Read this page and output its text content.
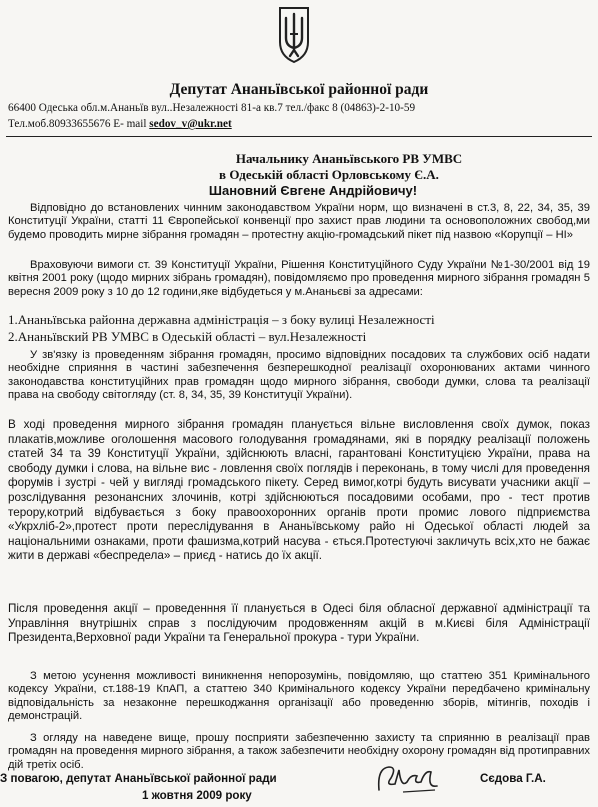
Депутат Ананьївської районної ради
66400 Одеська обл.м.Ананьїв вул..Незалежності 81-а кв.7 тел./факс 8 (04863)-2-10-59
Тел.моб.80933655676 E- mail sedov_v@ukr.net
Начальнику Ананьївського РВ УМВС
в Одеській області Орловському Є.А.
Шановний Євгене Андрійовичу!

Відповідно до встановлених чинним законодавством України норм, що визначені в ст.3, 8, 22, 34, 35, 39 Конституції України, статті 11 Європейської конвенції про захист прав людини та основоположних свобод,ми будемо проводить мирне зібрання громадян – протестну акцію-громадський пікет під назвою «Корупції – НІ»

Враховуючи вимоги ст. 39 Конституції України, Рішення Конституційного Суду України №1-30/2001 від 19 квітня 2001 року (щодо мирних зібрань громадян), повідомляємо про проведення мирного зібрання громадян 5 вересня 2009 року з 10 до 12 години,яке відбудеться у м.Ананьєві за адресами:

1.Ананьївська районна державна адміністрація – з боку вулиці Незалежності
2.Ананьївский РВ УМВС в Одеській області – вул.Незалежності

У зв'язку із проведенням зібрання громадян, просимо відповідних посадових та службових осіб надати необхідне сприяння в частині забезпечення безперешкодної реалізації охоронюваних актами чинного законодавства конституційних прав громадян щодо мирного зібрання, свободи думки, слова та реалізації права на свободу світогляду (ст. 8, 34, 35, 39 Конституції України).

В ході проведення мирного зібрання громадян планується вільне висловлення своїх думок, показ плакатів,можливе оголошення масового голодування громадянами, які в порядку реалізації положень статей 34 та 39 Конституції України, здійснюють власні, гарантовані Конституцією України, права на свободу думки і слова, на вільне вис - ловлення своїх поглядів і переконань, в тому числі для проведення форумів і зустрі - чей у вигляді громадського пікету. Серед вимог,котрі будуть висувати учасники акції – розслідування резонансних злочинів, котрі здійснюються посадовими особами, про - тест против терору,котрий відбувається з боку правоохоронних органів проти промис лового підприємства «Укрхліб-2»,протест проти переслідування в Ананьївському райо ні Одеської області людей за національними ознаками, проти фашизма,котрий насува - ється.Протестуючі закличуть всіх,хто не бажає жити в державі «беспредела» – приєд - натись до їх акції.

Після проведення акції – проведенння її планується в Одесі біля обласної державної адміністрації та Управління внутрішніх справ з послідуючим продовженням акцій в м.Києві біля Адміністрації Президента,Верховної ради України та Генеральної прокура - тури України.

З метою усунення можливості виникнення непорозумінь, повідомляю, що статтею 351 Кримінального кодексу України, ст.188-19 КпАП, а статтею 340 Кримінального кодексу України передбачено кримінальну відповідальність за незаконне перешкоджання організації або проведенню зборів, мітингів, походів і демонстрацій.

З огляду на наведене вище, прошу посприяти забезпеченню захисту та сприянню в реалізації прав громадян на проведення мирного зібрання, а також забезпечити необхідну охорону громадян від протиправних дій третіх осіб.

З повагою, депутат Ананьївської районної ради
1 жовтня 2009 року
Сєдова Г.А.
